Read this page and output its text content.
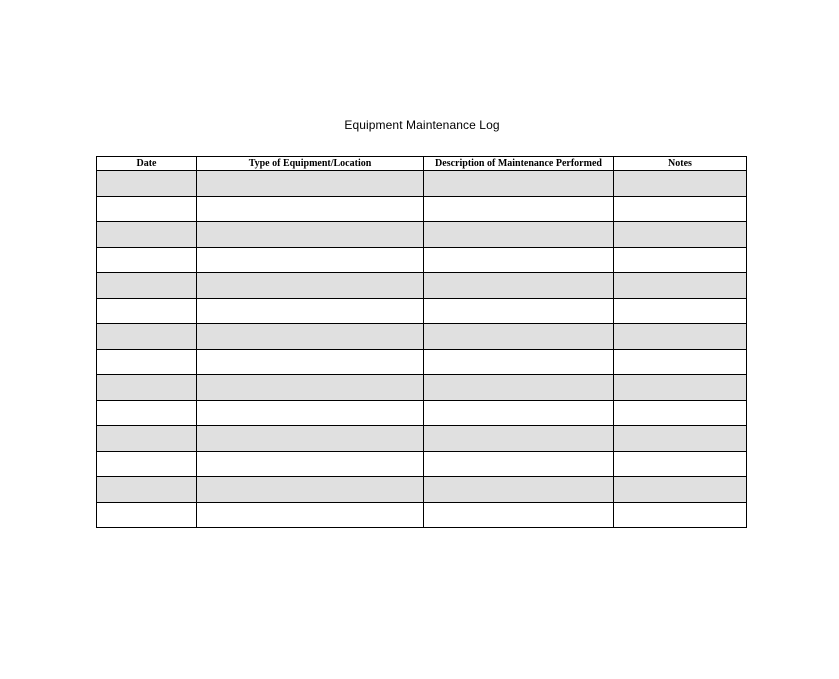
Equipment Maintenance Log
Date	Type of Equipment/Location	Description of Maintenance Performed	Notes
